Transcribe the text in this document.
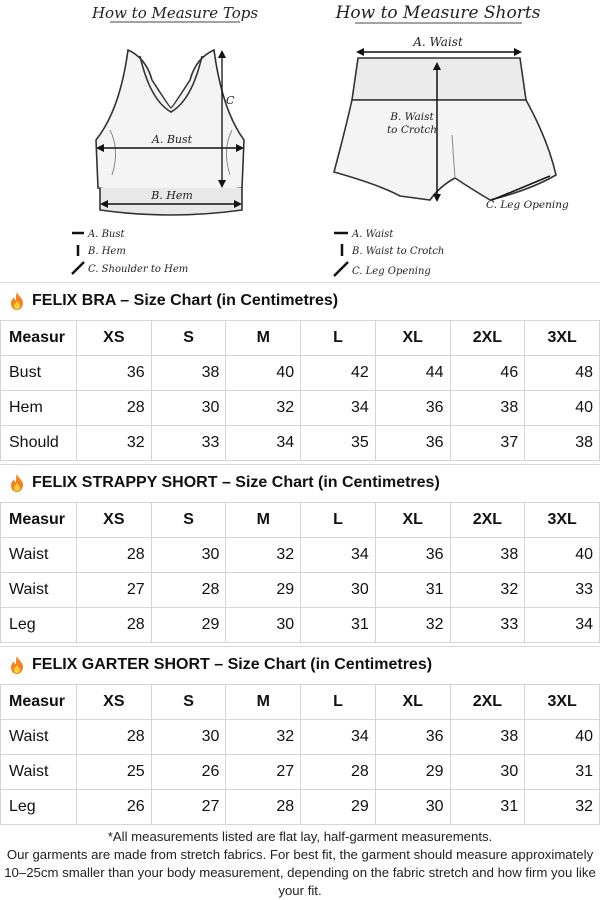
How to Measure Tops	How to Measure Shorts
A. Bust
B. Hem
C
A. Bust
B. Hem
C. Shoulder to Hem
A. Waist
B. Waist
to Crotch
C. Leg Opening
A. Waist
B. Waist to Crotch
C. Leg Opening
FELIX BRA – Size Chart (in Centimetres)
Measur	XS	S	M	L	XL	2XL	3XL
Bust	36	38	40	42	44	46	48
Hem	28	30	32	34	36	38	40
Should	32	33	34	35	36	37	38
FELIX STRAPPY SHORT – Size Chart (in Centimetres)
Measur	XS	S	M	L	XL	2XL	3XL
Waist	28	30	32	34	36	38	40
Waist	27	28	29	30	31	32	33
Leg	28	29	30	31	32	33	34
FELIX GARTER SHORT – Size Chart (in Centimetres)
Measur	XS	S	M	L	XL	2XL	3XL
Waist	28	30	32	34	36	38	40
Waist	25	26	27	28	29	30	31
Leg	26	27	28	29	30	31	32
*All measurements listed are flat lay, half-garment measurements.
Our garments are made from stretch fabrics. For best fit, the garment should measure approximately 10–25cm smaller than your body measurement, depending on the fabric stretch and how firm you like your fit.
